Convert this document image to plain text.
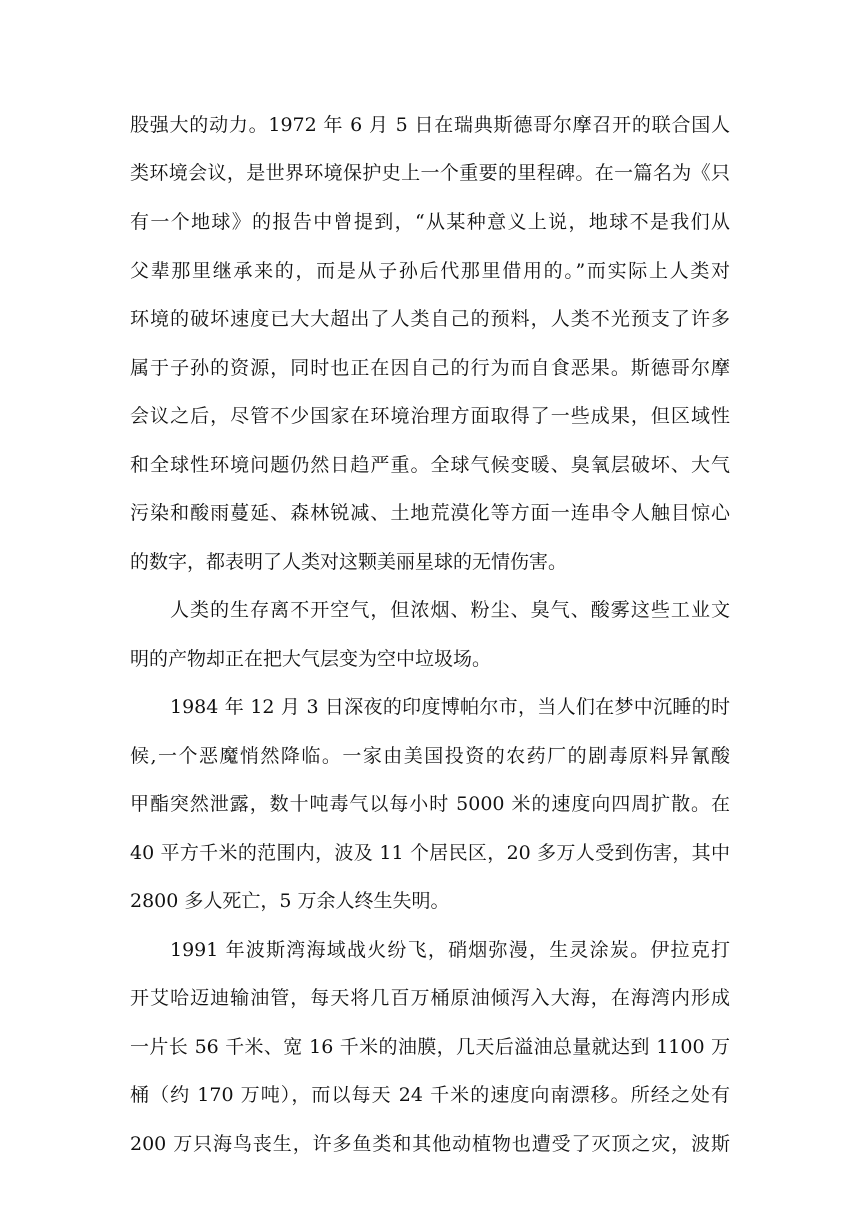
股强大的动力。1972 年 6 月 5 日在瑞典斯德哥尔摩召开的联合国人
类环境会议，是世界环境保护史上一个重要的里程碑。在一篇名为《只
有一个地球》的报告中曾提到，“从某种意义上说，地球不是我们从
父辈那里继承来的，而是从子孙后代那里借用的。”而实际上人类对
环境的破坏速度已大大超出了人类自己的预料，人类不光预支了许多
属于子孙的资源，同时也正在因自己的行为而自食恶果。斯德哥尔摩
会议之后，尽管不少国家在环境治理方面取得了一些成果，但区域性
和全球性环境问题仍然日趋严重。全球气候变暖、臭氧层破坏、大气
污染和酸雨蔓延、森林锐减、土地荒漠化等方面一连串令人触目惊心
的数字，都表明了人类对这颗美丽星球的无情伤害。
人类的生存离不开空气，但浓烟、粉尘、臭气、酸雾这些工业文
明的产物却正在把大气层变为空中垃圾场。
1984 年 12 月 3 日深夜的印度博帕尔市，当人们在梦中沉睡的时
候,一个恶魔悄然降临。一家由美国投资的农药厂的剧毒原料异氰酸
甲酯突然泄露，数十吨毒气以每小时 5000 米的速度向四周扩散。在
40 平方千米的范围内，波及 11 个居民区，20 多万人受到伤害，其中
2800 多人死亡，5 万余人终生失明。
1991 年波斯湾海域战火纷飞，硝烟弥漫，生灵涂炭。伊拉克打
开艾哈迈迪输油管，每天将几百万桶原油倾泻入大海，在海湾内形成
一片长 56 千米、宽 16 千米的油膜，几天后溢油总量就达到 1100 万
桶（约 170 万吨），而以每天 24 千米的速度向南漂移。所经之处有
200 万只海鸟丧生，许多鱼类和其他动植物也遭受了灭顶之灾，波斯
